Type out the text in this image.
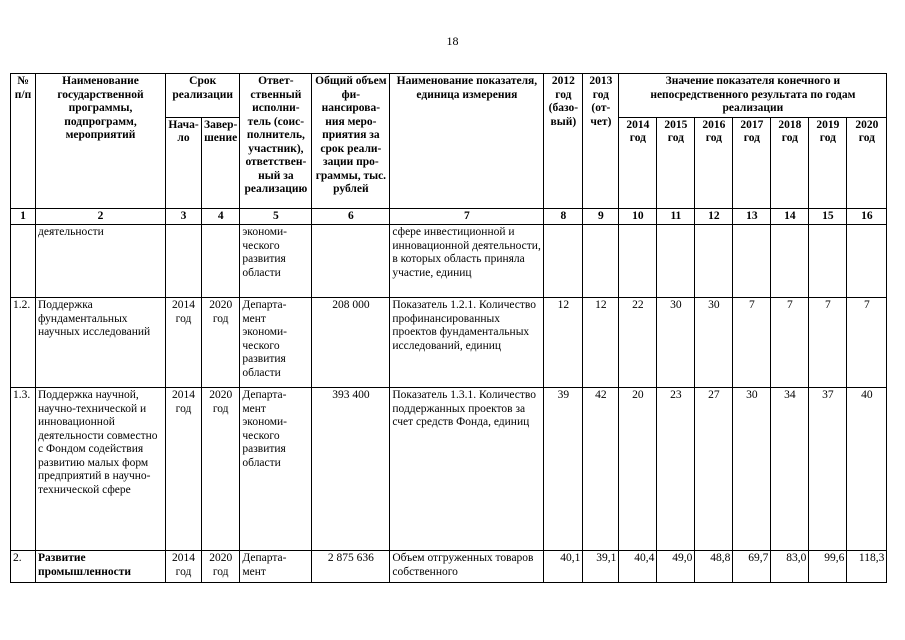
18
№ п/п	Наименование государственной программы, подпрограмм, мероприятий	Срок реализации		Ответ-ственный исполни-тель (соис-полнитель, участник), ответствен-ный за реализацию	Общий объем фи-нансирова-ния меро-приятия за срок реали-зации про-граммы, тыс. рублей	Наименование показателя, единица измерения	2012 год (базо-вый)	2013 год (от-чет)	Значение показателя конечного и непосредственного результата по годам реализации						
		Нача-ло	Завер-шение						2014 год	2015 год	2016 год	2017 год	2018 год	2019 год	2020 год
1	2	3	4	5	6	7	8	9	10	11	12	13	14	15	16
	деятельности			экономи-ческого развития области		сфере инвестиционной и инновационной деятельности, в которых область приняла участие, единиц									
1.2.	Поддержка фундаментальных научных исследований	2014 год	2020 год	Департа-мент экономи-ческого развития области	208 000	Показатель 1.2.1. Количество профинансированных проектов фундаментальных исследований, единиц	12	12	22	30	30	7	7	7	7
1.3.	Поддержка научной, научно-технической и инновационной деятельности совместно с Фондом содействия развитию малых форм предприятий в научно-технической сфере	2014 год	2020 год	Департа-мент экономи-ческого развития области	393 400	Показатель 1.3.1. Количество поддержанных проектов за счет средств Фонда, единиц	39	42	20	23	27	30	34	37	40
2.	Развитие промышленности	2014 год	2020 год	Департа-мент	2 875 636	Объем отгруженных товаров собственного	40,1	39,1	40,4	49,0	48,8	69,7	83,0	99,6	118,3
